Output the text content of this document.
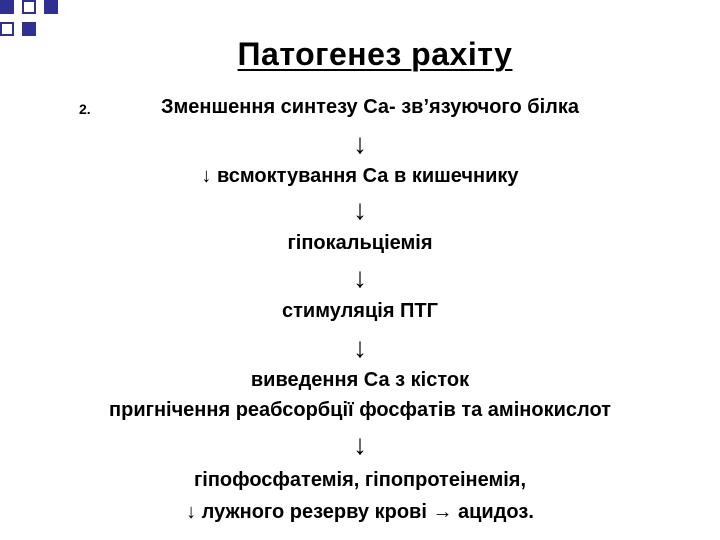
Патогенез рахіту
2.	Зменшення синтезу Са- зв’язуючого білка
↓
↓ всмоктування Са в кишечнику
↓
гіпокальціемія
↓
стимуляція ПТГ
↓
виведення Са з кісток
пригнічення реабсорбції фосфатів та амінокислот
↓
гіпофосфатемія, гіпопротеінемія,
↓ лужного резерву крові → ацидоз.
